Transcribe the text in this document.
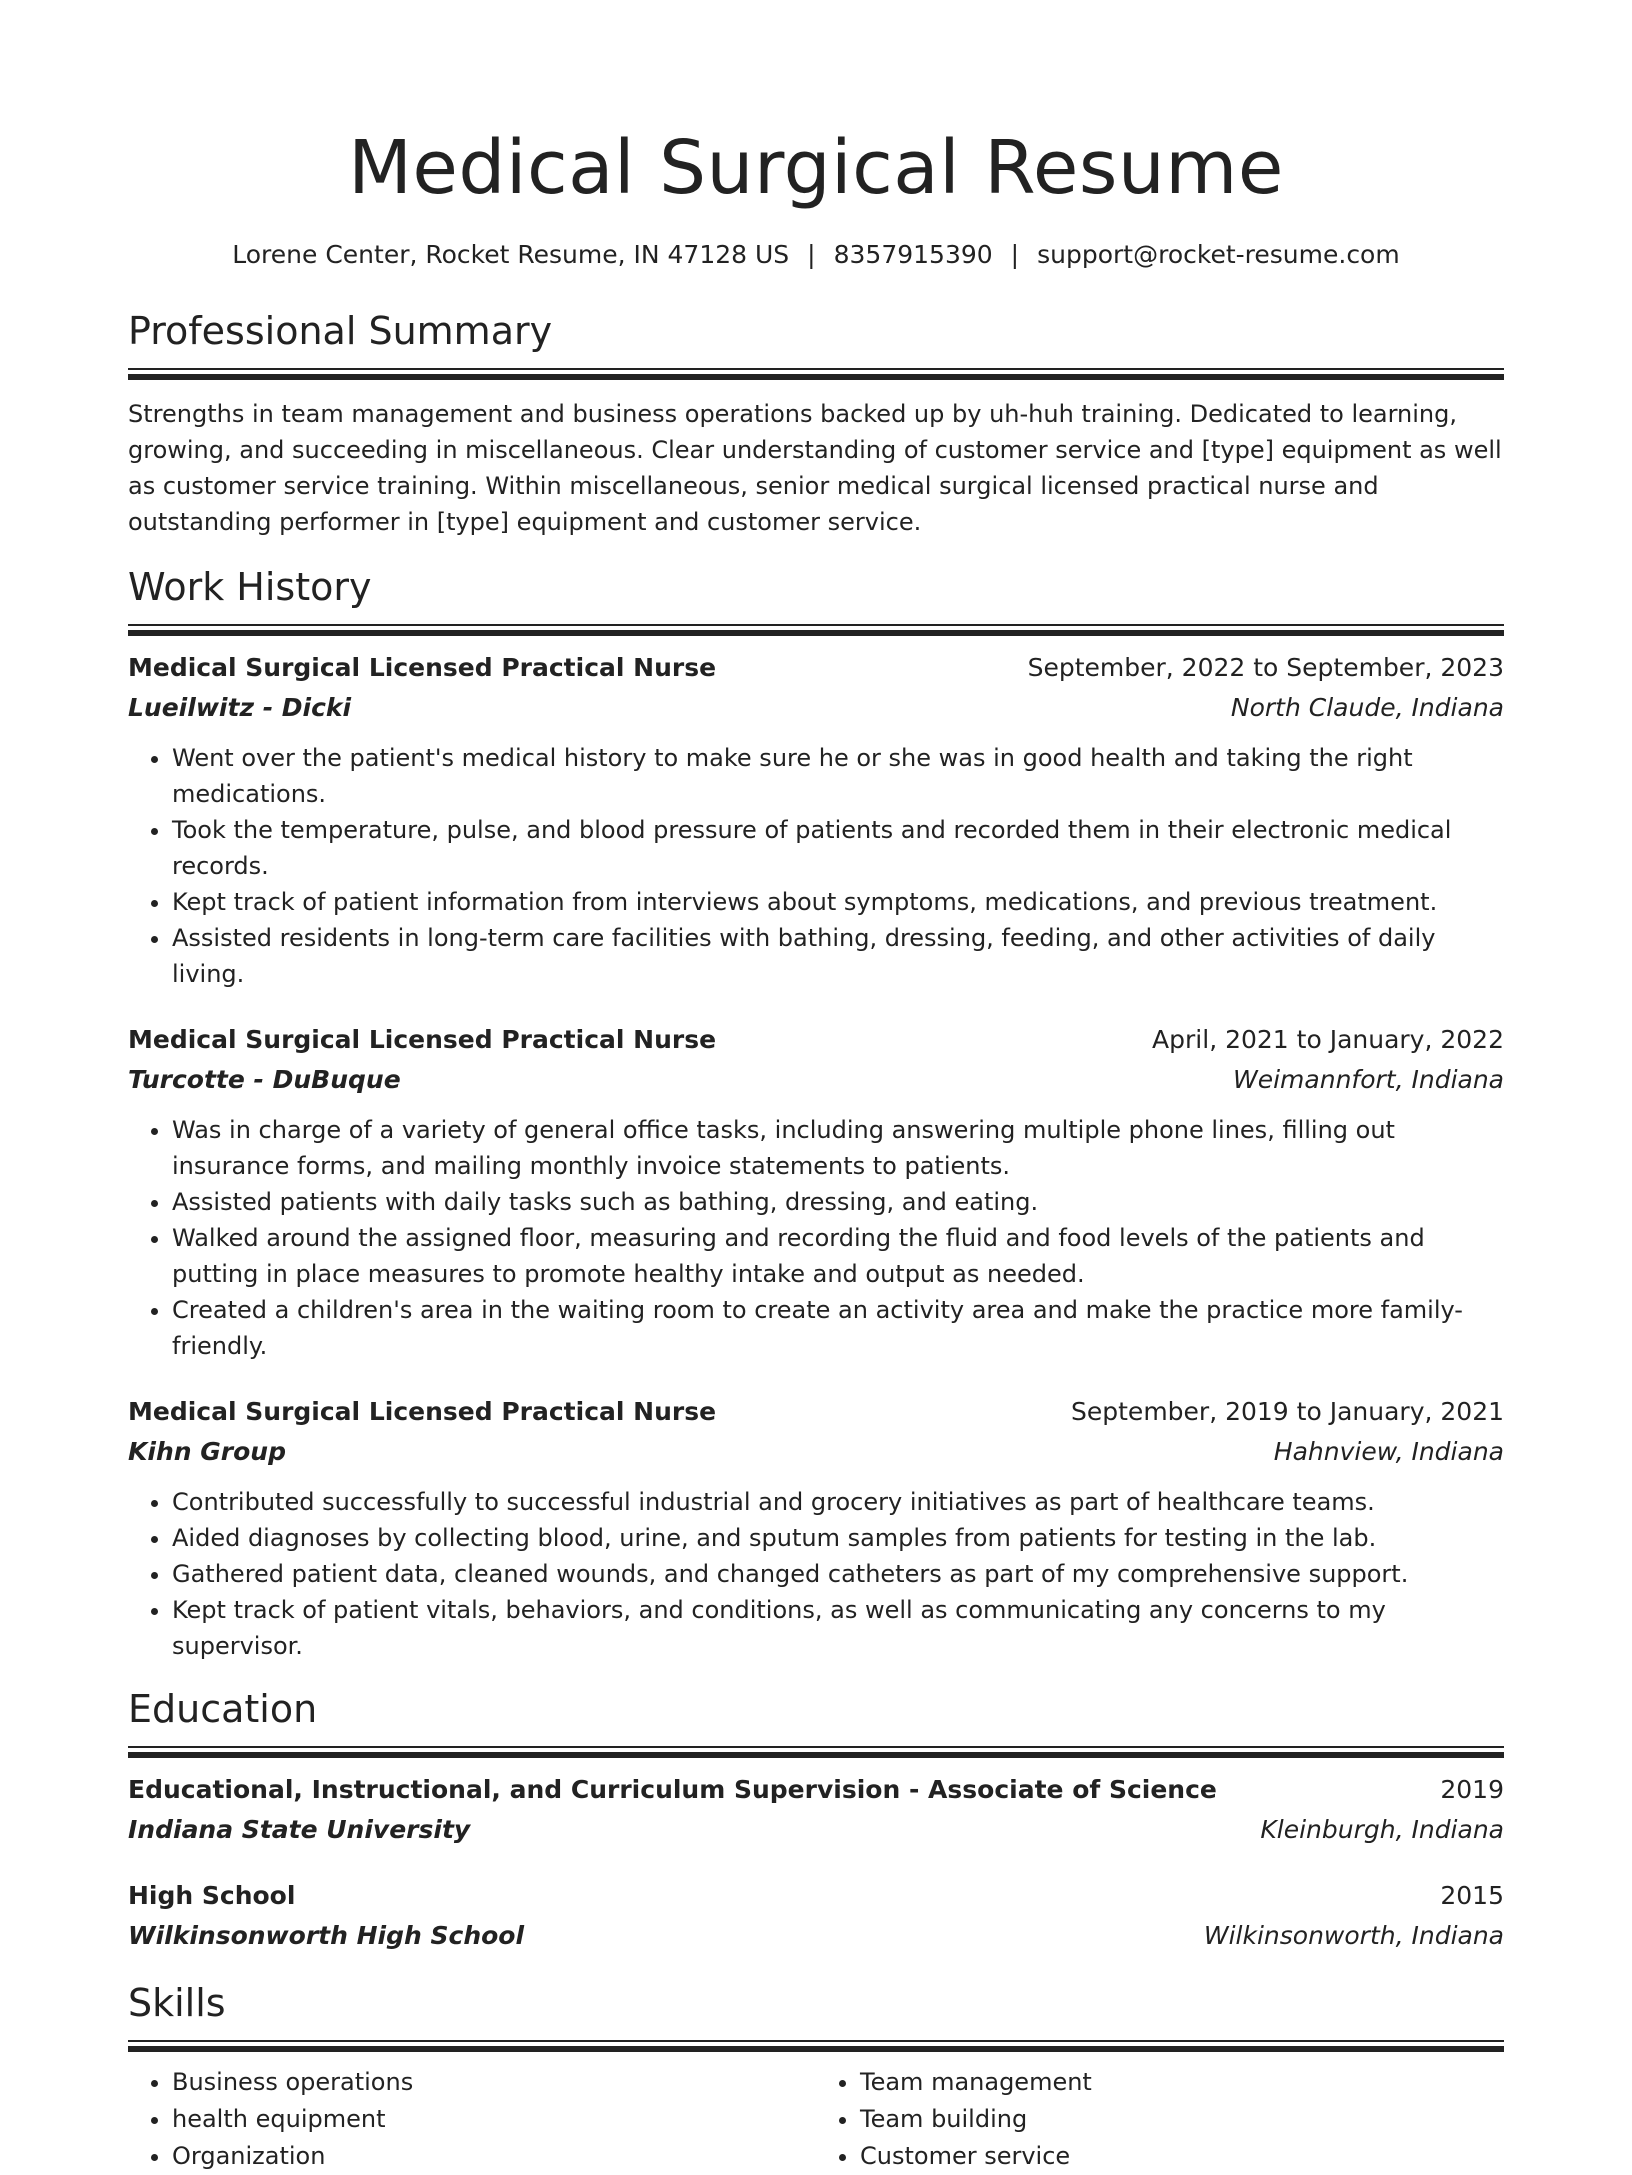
Medical Surgical Resume
Lorene Center, Rocket Resume, IN 47128 US | 8357915390 | support@rocket-resume.com
Professional Summary
Strengths in team management and business operations backed up by uh-huh training. Dedicated to learning, growing, and succeeding in miscellaneous. Clear understanding of customer service and [type] equipment as well as customer service training. Within miscellaneous, senior medical surgical licensed practical nurse and outstanding performer in [type] equipment and customer service.
Work History
Medical Surgical Licensed Practical Nurse	September, 2022 to September, 2023
Lueilwitz - Dicki	North Claude, Indiana
• Went over the patient's medical history to make sure he or she was in good health and taking the right medications.
• Took the temperature, pulse, and blood pressure of patients and recorded them in their electronic medical records.
• Kept track of patient information from interviews about symptoms, medications, and previous treatment.
• Assisted residents in long-term care facilities with bathing, dressing, feeding, and other activities of daily living.
Medical Surgical Licensed Practical Nurse	April, 2021 to January, 2022
Turcotte - DuBuque	Weimannfort, Indiana
• Was in charge of a variety of general office tasks, including answering multiple phone lines, filling out insurance forms, and mailing monthly invoice statements to patients.
• Assisted patients with daily tasks such as bathing, dressing, and eating.
• Walked around the assigned floor, measuring and recording the fluid and food levels of the patients and putting in place measures to promote healthy intake and output as needed.
• Created a children's area in the waiting room to create an activity area and make the practice more family-friendly.
Medical Surgical Licensed Practical Nurse	September, 2019 to January, 2021
Kihn Group	Hahnview, Indiana
• Contributed successfully to successful industrial and grocery initiatives as part of healthcare teams.
• Aided diagnoses by collecting blood, urine, and sputum samples from patients for testing in the lab.
• Gathered patient data, cleaned wounds, and changed catheters as part of my comprehensive support.
• Kept track of patient vitals, behaviors, and conditions, as well as communicating any concerns to my supervisor.
Education
Educational, Instructional, and Curriculum Supervision - Associate of Science	2019
Indiana State University	Kleinburgh, Indiana
High School	2015
Wilkinsonworth High School	Wilkinsonworth, Indiana
Skills
• Business operations
• health equipment
• Organization
• Team management
• Team building
• Customer service
